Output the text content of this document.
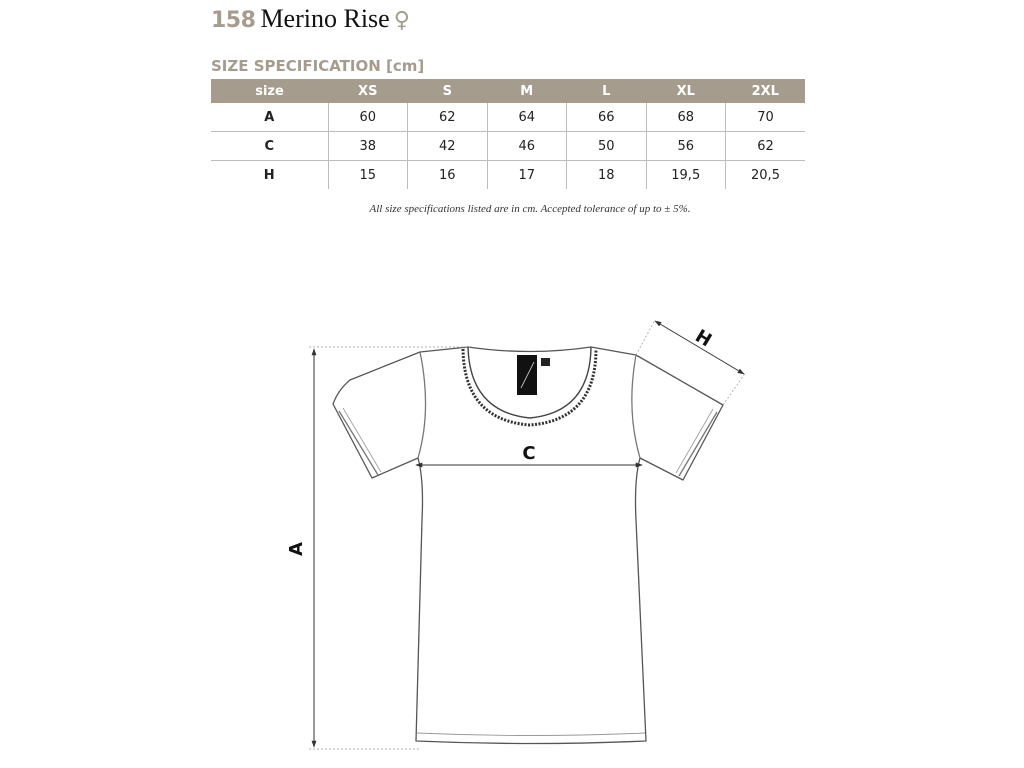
158 Merino Rise ♀
SIZE SPECIFICATION [cm]
size	XS	S	M	L	XL	2XL
A	60	62	64	66	68	70
C	38	42	46	50	56	62
H	15	16	17	18	19,5	20,5
All size specifications listed are in cm. Accepted tolerance of up to ± 5%.
A
C
H
